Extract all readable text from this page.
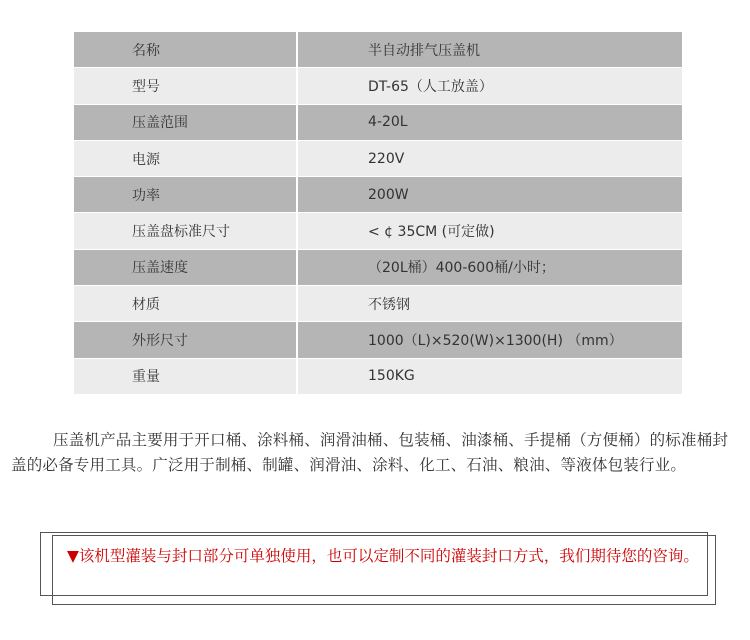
名称	半自动排气压盖机
型号	DT-65（人工放盖）
压盖范围	4-20L
电源	220V
功率	200W
压盖盘标准尺寸	< ¢ 35CM (可定做)
压盖速度	（20L桶）400-600桶/小时；
材质	不锈钢
外形尺寸	1000（L)×520(W)×1300(H) （mm）
重量	150KG

压盖机产品主要用于开口桶、涂料桶、润滑油桶、包装桶、油漆桶、手提桶（方便桶）的标准桶封盖的必备专用工具。广泛用于制桶、制罐、润滑油、涂料、化工、石油、粮油、等液体包装行业。

▼该机型灌装与封口部分可单独使用，也可以定制不同的灌装封口方式，我们期待您的咨询。
